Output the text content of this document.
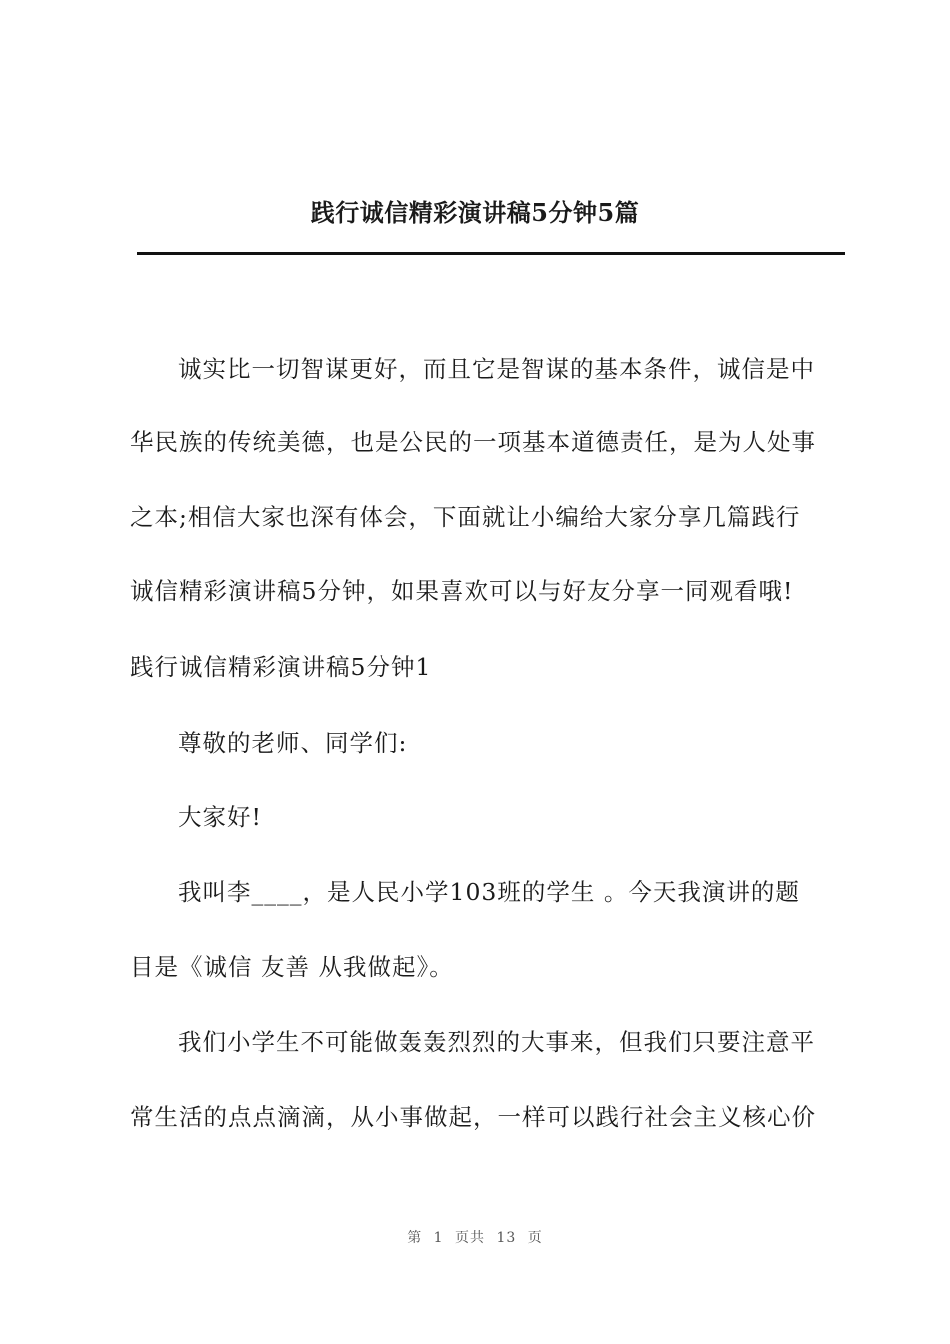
践行诚信精彩演讲稿5分钟5篇
诚实比一切智谋更好，而且它是智谋的基本条件，诚信是中
华民族的传统美德，也是公民的一项基本道德责任，是为人处事
之本;相信大家也深有体会，下面就让小编给大家分享几篇践行
诚信精彩演讲稿5分钟，如果喜欢可以与好友分享一同观看哦!
践行诚信精彩演讲稿5分钟1
尊敬的老师、同学们:
大家好!
我叫李____，是人民小学103班的学生 。今天我演讲的题
目是《诚信 友善 从我做起》。
我们小学生不可能做轰轰烈烈的大事来，但我们只要注意平
常生活的点点滴滴，从小事做起，一样可以践行社会主义核心价
第 1 页共 13 页
